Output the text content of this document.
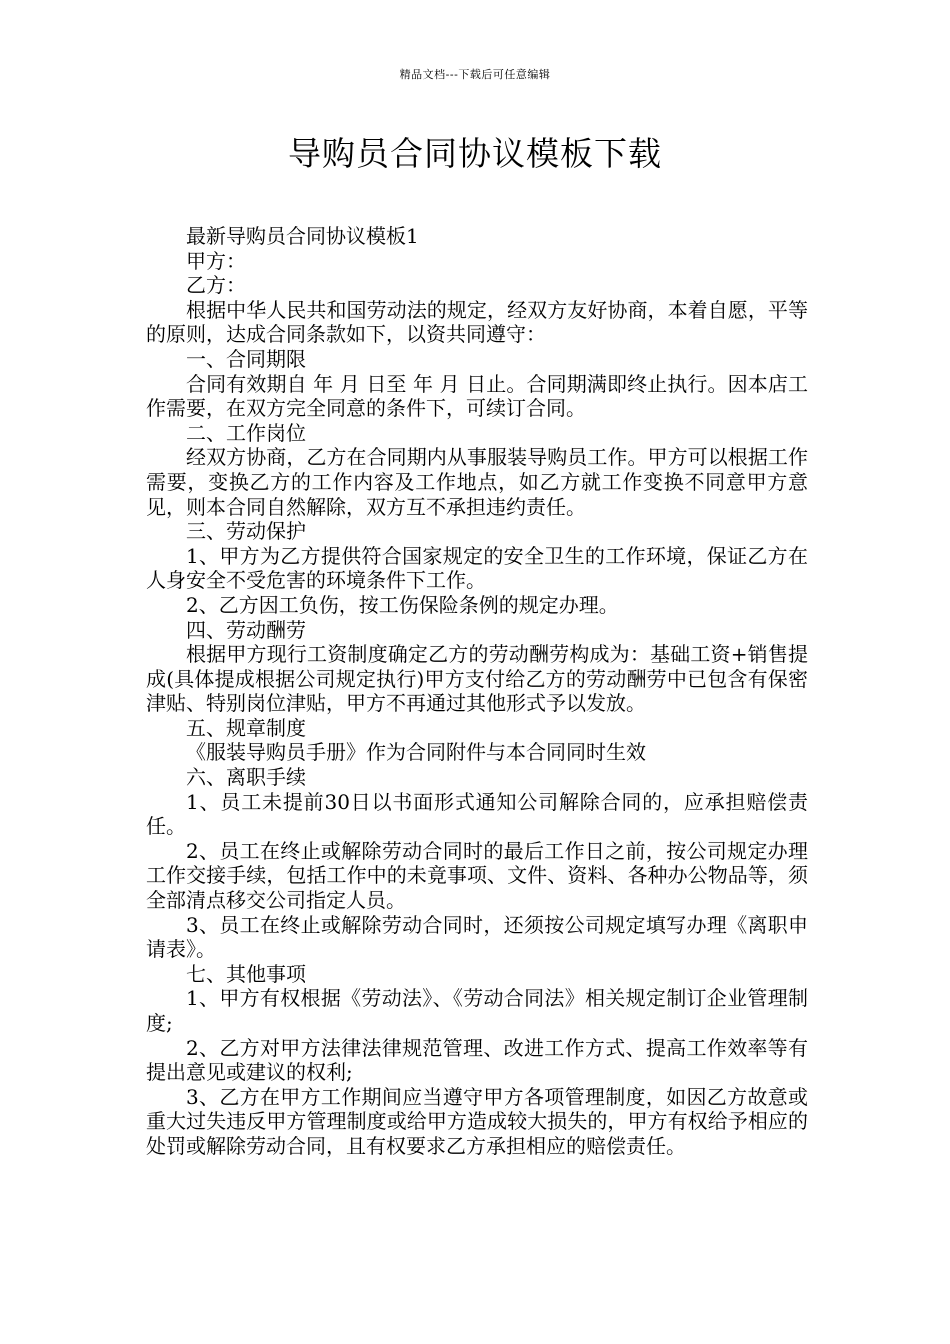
精品文档---下载后可任意编辑
导购员合同协议模板下载

最新导购员合同协议模板1

甲方：

乙方：

根据中华人民共和国劳动法的规定，经双方友好协商，本着自愿，平等的原则，达成合同条款如下，以资共同遵守：

一、合同期限

合同有效期自 年 月 日至 年 月 日止。合同期满即终止执行。因本店工作需要，在双方完全同意的条件下，可续订合同。

二、工作岗位

经双方协商，乙方在合同期内从事服装导购员工作。甲方可以根据工作需要，变换乙方的工作内容及工作地点，如乙方就工作变换不同意甲方意见，则本合同自然解除，双方互不承担违约责任。

三、劳动保护

1、甲方为乙方提供符合国家规定的安全卫生的工作环境，保证乙方在人身安全不受危害的环境条件下工作。

2、乙方因工负伤，按工伤保险条例的规定办理。

四、劳动酬劳

根据甲方现行工资制度确定乙方的劳动酬劳构成为：基础工资+销售提成(具体提成根据公司规定执行)甲方支付给乙方的劳动酬劳中已包含有保密津贴、特别岗位津贴，甲方不再通过其他形式予以发放。

五、规章制度

《服装导购员手册》作为合同附件与本合同同时生效

六、离职手续

1、员工未提前30日以书面形式通知公司解除合同的，应承担赔偿责任。

2、员工在终止或解除劳动合同时的最后工作日之前，按公司规定办理工作交接手续，包括工作中的未竟事项、文件、资料、各种办公物品等，须全部清点移交公司指定人员。

3、员工在终止或解除劳动合同时，还须按公司规定填写办理《离职申请表》。

七、其他事项

1、甲方有权根据《劳动法》、《劳动合同法》相关规定制订企业管理制度;

2、乙方对甲方法律法律规范管理、改进工作方式、提高工作效率等有提出意见或建议的权利;

3、乙方在甲方工作期间应当遵守甲方各项管理制度，如因乙方故意或重大过失违反甲方管理制度或给甲方造成较大损失的，甲方有权给予相应的处罚或解除劳动合同，且有权要求乙方承担相应的赔偿责任。
